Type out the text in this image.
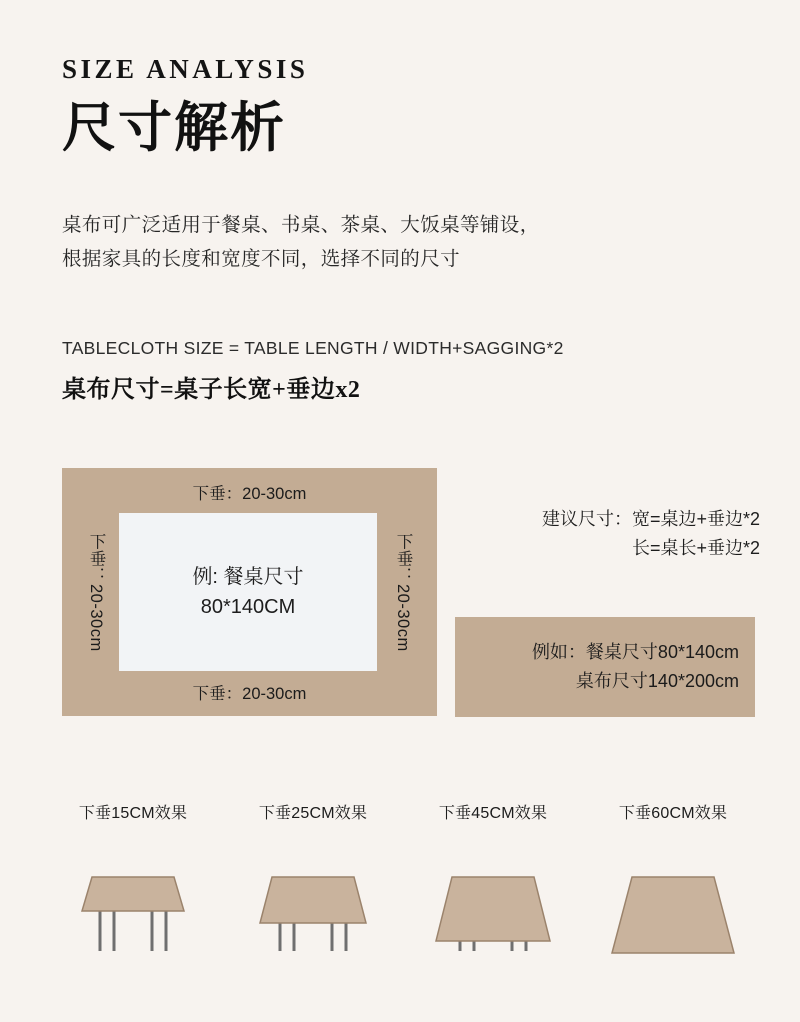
SIZE ANALYSIS
尺寸解析
桌布可广泛适用于餐桌、书桌、茶桌、大饭桌等铺设，
根据家具的长度和宽度不同，选择不同的尺寸
TABLECLOTH SIZE = TABLE LENGTH / WIDTH+SAGGING*2
桌布尺寸=桌子长宽+垂边x2
下垂：20-30cm
下垂：20-30cm	下垂：20-30cm
下垂：20-30cm
例: 餐桌尺寸
80*140CM
建议尺寸：宽=桌边+垂边*2
长=桌长+垂边*2
例如：餐桌尺寸80*140cm
桌布尺寸140*200cm
下垂15CM效果	下垂25CM效果	下垂45CM效果	下垂60CM效果
